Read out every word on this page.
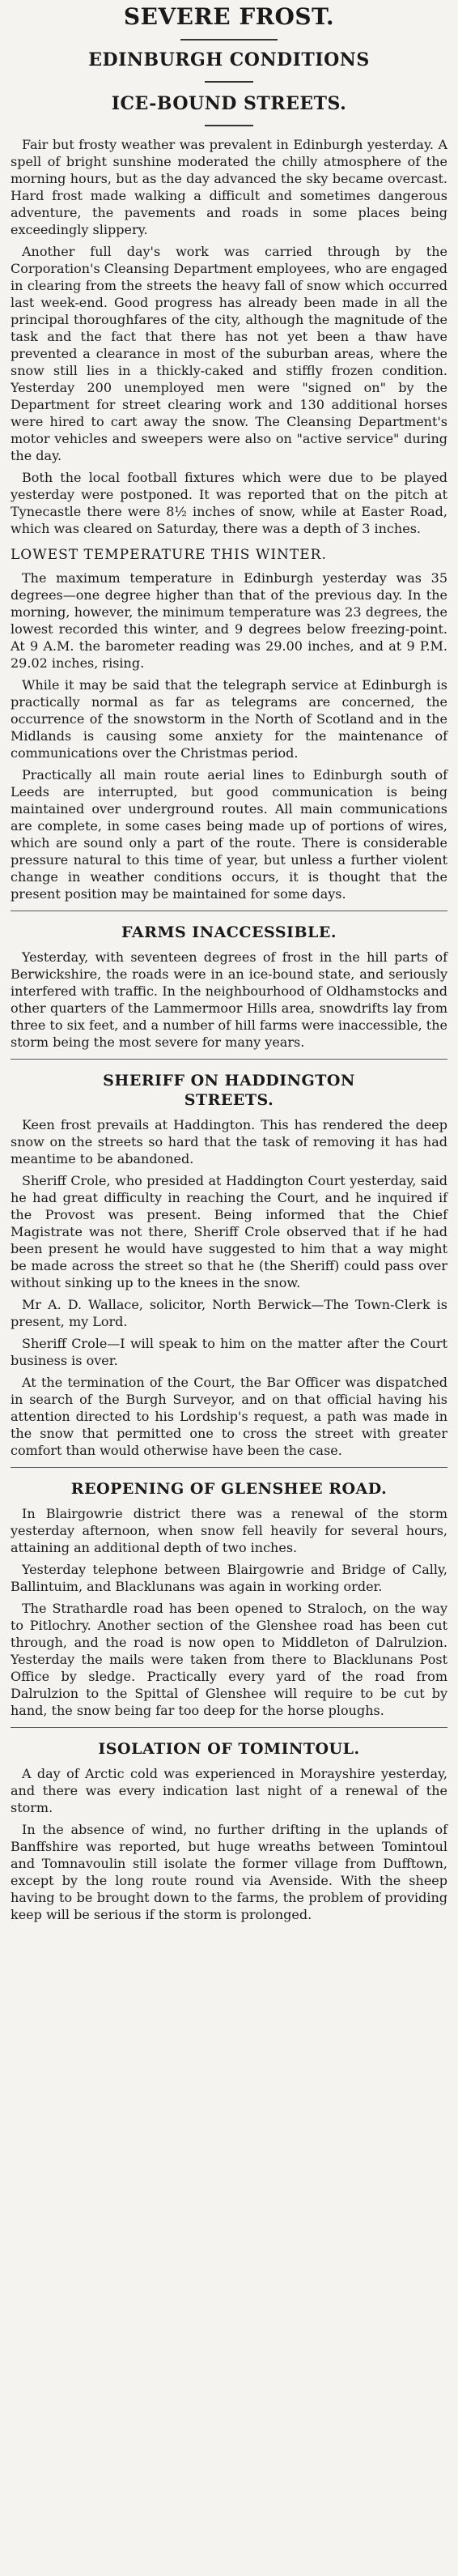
SEVERE FROST.
EDINBURGH CONDITIONS
ICE-BOUND STREETS.

Fair but frosty weather was prevalent in Edinburgh yesterday. A spell of bright sunshine moderated the chilly atmosphere of the morning hours, but as the day advanced the sky became overcast. Hard frost made walking a difficult and sometimes dangerous adventure, the pavements and roads in some places being exceedingly slippery.

Another full day's work was carried through by the Corporation's Cleansing Department employees, who are engaged in clearing from the streets the heavy fall of snow which occurred last week-end. Good progress has already been made in all the principal thoroughfares of the city, although the magnitude of the task and the fact that there has not yet been a thaw have prevented a clearance in most of the suburban areas, where the snow still lies in a thickly-caked and stiffly frozen condition. Yesterday 200 unemployed men were "signed on" by the Department for street clearing work and 130 additional horses were hired to cart away the snow. The Cleansing Department's motor vehicles and sweepers were also on "active service" during the day.

Both the local football fixtures which were due to be played yesterday were postponed. It was reported that on the pitch at Tynecastle there were 8½ inches of snow, while at Easter Road, which was cleared on Saturday, there was a depth of 3 inches.

LOWEST TEMPERATURE THIS WINTER.

The maximum temperature in Edinburgh yesterday was 35 degrees—one degree higher than that of the previous day. In the morning, however, the minimum temperature was 23 degrees, the lowest recorded this winter, and 9 degrees below freezing-point. At 9 A.M. the barometer reading was 29.00 inches, and at 9 P.M. 29.02 inches, rising.

While it may be said that the telegraph service at Edinburgh is practically normal as far as telegrams are concerned, the occurrence of the snowstorm in the North of Scotland and in the Midlands is causing some anxiety for the maintenance of communications over the Christmas period.

Practically all main route aerial lines to Edinburgh south of Leeds are interrupted, but good communication is being maintained over underground routes. All main communications are complete, in some cases being made up of portions of wires, which are sound only a part of the route. There is considerable pressure natural to this time of year, but unless a further violent change in weather conditions occurs, it is thought that the present position may be maintained for some days.

FARMS INACCESSIBLE.

Yesterday, with seventeen degrees of frost in the hill parts of Berwickshire, the roads were in an ice-bound state, and seriously interfered with traffic. In the neighbourhood of Oldhamstocks and other quarters of the Lammermoor Hills area, snowdrifts lay from three to six feet, and a number of hill farms were inaccessible, the storm being the most severe for many years.

SHERIFF ON HADDINGTON
STREETS.

Keen frost prevails at Haddington. This has rendered the deep snow on the streets so hard that the task of removing it has had meantime to be abandoned.

Sheriff Crole, who presided at Haddington Court yesterday, said he had great difficulty in reaching the Court, and he inquired if the Provost was present. Being informed that the Chief Magistrate was not there, Sheriff Crole observed that if he had been present he would have suggested to him that a way might be made across the street so that he (the Sheriff) could pass over without sinking up to the knees in the snow.

Mr A. D. Wallace, solicitor, North Berwick—The Town-Clerk is present, my Lord.

Sheriff Crole—I will speak to him on the matter after the Court business is over.

At the termination of the Court, the Bar Officer was dispatched in search of the Burgh Surveyor, and on that official having his attention directed to his Lordship's request, a path was made in the snow that permitted one to cross the street with greater comfort than would otherwise have been the case.

REOPENING OF GLENSHEE ROAD.

In Blairgowrie district there was a renewal of the storm yesterday afternoon, when snow fell heavily for several hours, attaining an additional depth of two inches.

Yesterday telephone between Blairgowrie and Bridge of Cally, Ballintuim, and Blacklunans was again in working order.

The Strathardle road has been opened to Straloch, on the way to Pitlochry. Another section of the Glenshee road has been cut through, and the road is now open to Middleton of Dalrulzion. Yesterday the mails were taken from there to Blacklunans Post Office by sledge. Practically every yard of the road from Dalrulzion to the Spittal of Glenshee will require to be cut by hand, the snow being far too deep for the horse ploughs.

ISOLATION OF TOMINTOUL.

A day of Arctic cold was experienced in Morayshire yesterday, and there was every indication last night of a renewal of the storm.

In the absence of wind, no further drifting in the uplands of Banffshire was reported, but huge wreaths between Tomintoul and Tomnavoulin still isolate the former village from Dufftown, except by the long route round via Avenside. With the sheep having to be brought down to the farms, the problem of providing keep will be serious if the storm is prolonged.
